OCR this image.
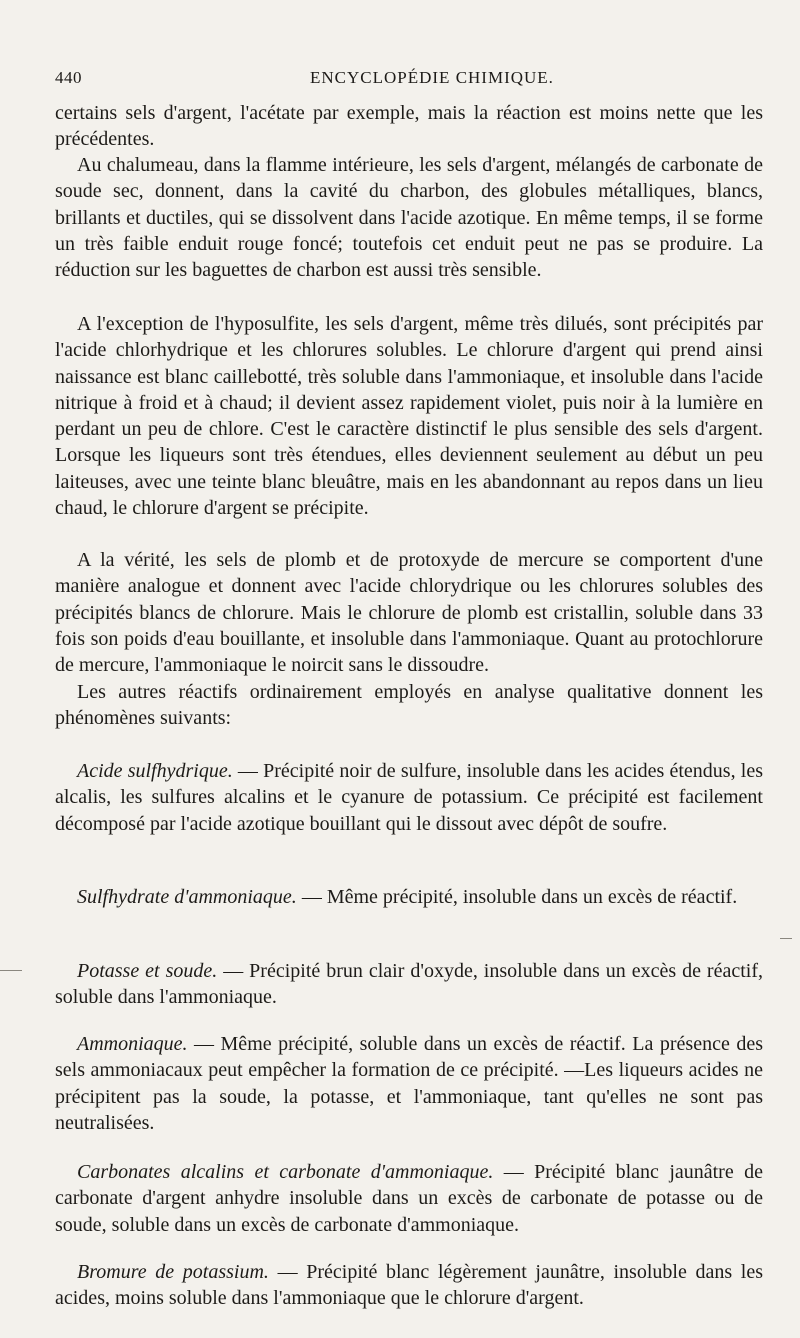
440	ENCYCLOPÉDIE CHIMIQUE.

certains sels d'argent, l'acétate par exemple, mais la réaction est moins nette que les précédentes.

Au chalumeau, dans la flamme intérieure, les sels d'argent, mélangés de carbonate de soude sec, donnent, dans la cavité du charbon, des globules métalliques, blancs, brillants et ductiles, qui se dissolvent dans l'acide azotique. En même temps, il se forme un très faible enduit rouge foncé; toutefois cet enduit peut ne pas se produire. La réduction sur les baguettes de charbon est aussi très sensible.

A l'exception de l'hyposulfite, les sels d'argent, même très dilués, sont précipités par l'acide chlorhydrique et les chlorures solubles. Le chlorure d'argent qui prend ainsi naissance est blanc caillebotté, très soluble dans l'ammoniaque, et insoluble dans l'acide nitrique à froid et à chaud; il devient assez rapidement violet, puis noir à la lumière en perdant un peu de chlore. C'est le caractère distinctif le plus sensible des sels d'argent. Lorsque les liqueurs sont très étendues, elles deviennent seulement au début un peu laiteuses, avec une teinte blanc bleuâtre, mais en les abandonnant au repos dans un lieu chaud, le chlorure d'argent se précipite.

A la vérité, les sels de plomb et de protoxyde de mercure se comportent d'une manière analogue et donnent avec l'acide chlorydrique ou les chlorures solubles des précipités blancs de chlorure. Mais le chlorure de plomb est cristallin, soluble dans 33 fois son poids d'eau bouillante, et insoluble dans l'ammoniaque. Quant au protochlorure de mercure, l'ammoniaque le noircit sans le dissoudre.

Les autres réactifs ordinairement employés en analyse qualitative donnent les phénomènes suivants:

Acide sulfhydrique. — Précipité noir de sulfure, insoluble dans les acides étendus, les alcalis, les sulfures alcalins et le cyanure de potassium. Ce précipité est facilement décomposé par l'acide azotique bouillant qui le dissout avec dépôt de soufre.

Sulfhydrate d'ammoniaque. — Même précipité, insoluble dans un excès de réactif.

Potasse et soude. — Précipité brun clair d'oxyde, insoluble dans un excès de réactif, soluble dans l'ammoniaque.

Ammoniaque. — Même précipité, soluble dans un excès de réactif. La présence des sels ammoniacaux peut empêcher la formation de ce précipité. —Les liqueurs acides ne précipitent pas la soude, la potasse, et l'ammoniaque, tant qu'elles ne sont pas neutralisées.

Carbonates alcalins et carbonate d'ammoniaque. — Précipité blanc jaunâtre de carbonate d'argent anhydre insoluble dans un excès de carbonate de potasse ou de soude, soluble dans un excès de carbonate d'ammoniaque.

Bromure de potassium. — Précipité blanc légèrement jaunâtre, insoluble dans les acides, moins soluble dans l'ammoniaque que le chlorure d'argent.
